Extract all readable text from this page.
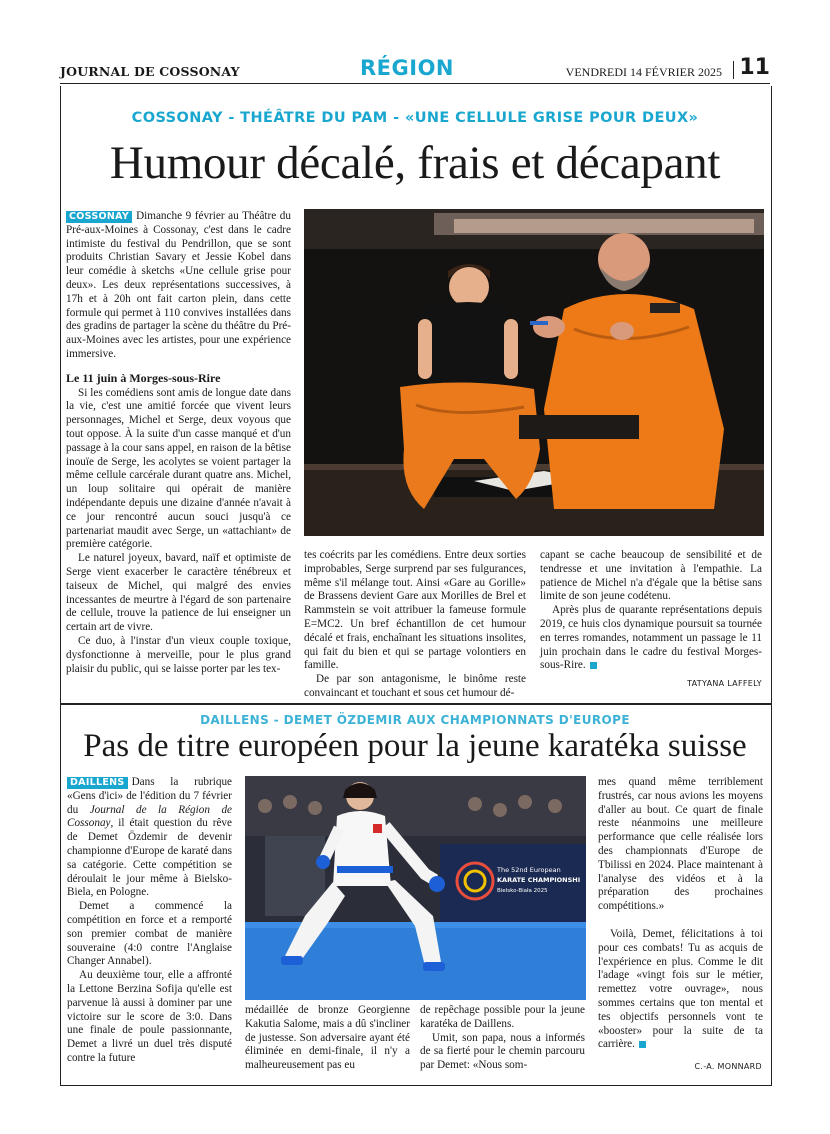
JOURNAL DE COSSONAY	RÉGION	VENDREDI 14 FÉVRIER 2025 11
COSSONAY - THÉÂTRE DU PAM - «UNE CELLULE GRISE POUR DEUX»
Humour décalé, frais et décapant

COSSONAY Dimanche 9 février au Théâtre du Pré-aux-Moines à Cossonay, c'est dans le cadre intimiste du festival du Pendrillon, que se sont produits Christian Savary et Jessie Kobel dans leur comédie à sketchs «Une cellule grise pour deux». Les deux représentations successives, à 17h et à 20h ont fait carton plein, dans cette formule qui permet à 110 convives installées dans des gradins de partager la scène du théâtre du Pré-aux-Moines avec les artistes, pour une expérience immersive.

Le 11 juin à Morges-sous-Rire

Si les comédiens sont amis de longue date dans la vie, c'est une amitié forcée que vivent leurs personnages, Michel et Serge, deux voyous que tout oppose. À la suite d'un casse manqué et d'un passage à la cour sans appel, en raison de la bêtise inouïe de Serge, les acolytes se voient partager la même cellule carcérale durant quatre ans. Michel, un loup solitaire qui opérait de manière indépendante depuis une dizaine d'année n'avait à ce jour rencontré aucun souci jusqu'à ce partenariat maudit avec Serge, un «attachiant» de première catégorie.

Le naturel joyeux, bavard, naïf et optimiste de Serge vient exacerber le caractère ténébreux et taiseux de Michel, qui malgré des envies incessantes de meurtre à l'égard de son partenaire de cellule, trouve la patience de lui enseigner un certain art de vivre.

Ce duo, à l'instar d'un vieux couple toxique, dysfonctionne à merveille, pour le plus grand plaisir du public, qui se laisse porter par les tex-

tes coécrits par les comédiens. Entre deux sorties improbables, Serge surprend par ses fulgurances, même s'il mélange tout. Ainsi «Gare au Gorille» de Brassens devient Gare aux Morilles de Brel et Rammstein se voit attribuer la fameuse formule E=MC2. Un bref échantillon de cet humour décalé et frais, enchaînant les situations insolites, qui fait du bien et qui se partage volontiers en famille.

De par son antagonisme, le binôme reste convaincant et touchant et sous cet humour dé-

capant se cache beaucoup de sensibilité et de tendresse et une invitation à l'empathie. La patience de Michel n'a d'égale que la bêtise sans limite de son jeune codétenu.

Après plus de quarante représentations depuis 2019, ce huis clos dynamique poursuit sa tournée en terres romandes, notamment un passage le 11 juin prochain dans le cadre du festival Morges-sous-Rire.

TATYANA LAFFELY
DAILLENS - DEMET ÖZDEMIR AUX CHAMPIONNATS D'EUROPE
Pas de titre européen pour la jeune karatéka suisse

DAILLENS Dans la rubrique «Gens d'ici» de l'édition du 7 février du Journal de la Région de Cossonay, il était question du rêve de Demet Özdemir de devenir championne d'Europe de karaté dans sa catégorie. Cette compétition se déroulait le jour même à Bielsko-Biela, en Pologne.

Demet a commencé la compétition en force et a remporté son premier combat de manière souveraine (4:0 contre l'Anglaise Changer Annabel).

Au deuxième tour, elle a affronté la Lettone Berzina Sofija qu'elle est parvenue là aussi à dominer par une victoire sur le score de 3:0. Dans une finale de poule passionnante, Demet a livré un duel très disputé contre la future

The 52nd European
KARATE CHAMPIONSHI
Bielsko-Biała 2025

médaillée de bronze Georgienne Kakutia Salome, mais a dû s'incliner de justesse. Son adversaire ayant été éliminée en demi-finale, il n'y a malheureusement pas eu

de repêchage possible pour la jeune karatéka de Daillens.

Umit, son papa, nous a informés de sa fierté pour le chemin parcouru par Demet: «Nous som-

mes quand même terriblement frustrés, car nous avions les moyens d'aller au bout. Ce quart de finale reste néanmoins une meilleure performance que celle réalisée lors des championnats d'Europe de Tbilissi en 2024. Place maintenant à l'analyse des vidéos et à la préparation des prochaines compétitions.»

Voilà, Demet, félicitations à toi pour ces combats! Tu as acquis de l'expérience en plus. Comme le dit l'adage «vingt fois sur le métier, remettez votre ouvrage», nous sommes certains que ton mental et tes objectifs personnels vont te «booster» pour la suite de ta carrière.

C.-A. MONNARD
